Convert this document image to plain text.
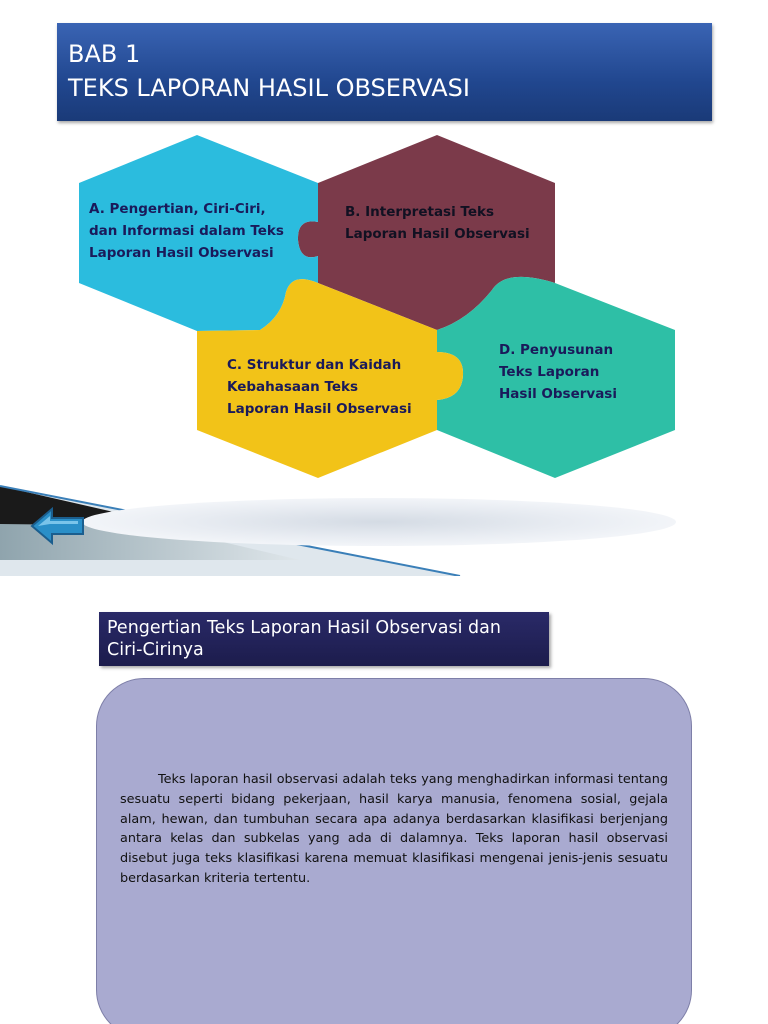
BAB 1
TEKS LAPORAN HASIL OBSERVASI
A. Pengertian, Ciri-Ciri,
dan Informasi dalam Teks
Laporan Hasil Observasi
B. Interpretasi Teks
Laporan Hasil Observasi
C. Struktur dan Kaidah
Kebahasaan Teks
Laporan Hasil Observasi
D. Penyusunan
Teks Laporan
Hasil Observasi
Pengertian Teks Laporan Hasil Observasi dan
Ciri-Cirinya
Teks laporan hasil observasi adalah teks yang menghadirkan informasi tentang sesuatu seperti bidang pekerjaan, hasil karya manusia, fenomena sosial, gejala alam, hewan, dan tumbuhan secara apa adanya berdasarkan klasifikasi berjenjang antara kelas dan subkelas yang ada di dalamnya. Teks laporan hasil observasi disebut juga teks klasifikasi karena memuat klasifikasi mengenai jenis-jenis sesuatu berdasarkan kriteria tertentu.
